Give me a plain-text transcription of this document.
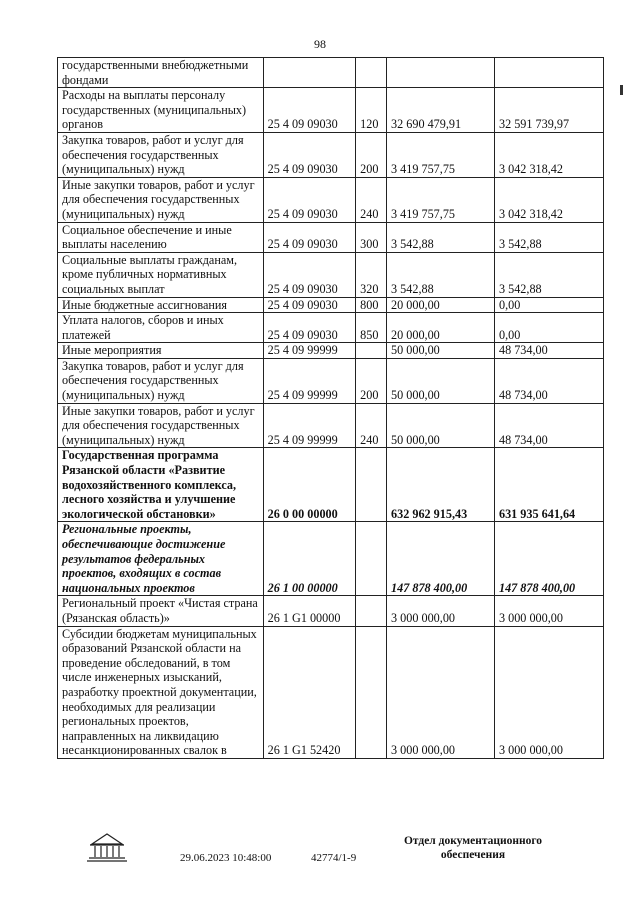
98
государственными внебюджетными фондами				
Расходы на выплаты персоналу государственных (муниципальных) органов	25 4 09 09030	120	32 690 479,91	32 591 739,97
Закупка товаров, работ и услуг для обеспечения государственных (муниципальных) нужд	25 4 09 09030	200	3 419 757,75	3 042 318,42
Иные закупки товаров, работ и услуг для обеспечения государственных (муниципальных) нужд	25 4 09 09030	240	3 419 757,75	3 042 318,42
Социальное обеспечение и иные выплаты населению	25 4 09 09030	300	3 542,88	3 542,88
Социальные выплаты гражданам, кроме публичных нормативных социальных выплат	25 4 09 09030	320	3 542,88	3 542,88
Иные бюджетные ассигнования	25 4 09 09030	800	20 000,00	0,00
Уплата налогов, сборов и иных платежей	25 4 09 09030	850	20 000,00	0,00
Иные мероприятия	25 4 09 99999		50 000,00	48 734,00
Закупка товаров, работ и услуг для обеспечения государственных (муниципальных) нужд	25 4 09 99999	200	50 000,00	48 734,00
Иные закупки товаров, работ и услуг для обеспечения государственных (муниципальных) нужд	25 4 09 99999	240	50 000,00	48 734,00
Государственная программа Рязанской области «Развитие водохозяйственного комплекса, лесного хозяйства и улучшение экологической обстановки»	26 0 00 00000		632 962 915,43	631 935 641,64
Региональные проекты, обеспечивающие достижение результатов федеральных проектов, входящих в состав национальных проектов	26 1 00 00000		147 878 400,00	147 878 400,00
Региональный проект «Чистая страна (Рязанская область)»	26 1 G1 00000		3 000 000,00	3 000 000,00
Субсидии бюджетам муниципальных образований Рязанской области на проведение обследований, в том числе инженерных изысканий, разработку проектной документации, необходимых для реализации региональных проектов, направленных на ликвидацию несанкционированных свалок в	26 1 G1 52420		3 000 000,00	3 000 000,00
29.06.2023 10:48:00	42774/1-9
Отдел документационного обеспечения
